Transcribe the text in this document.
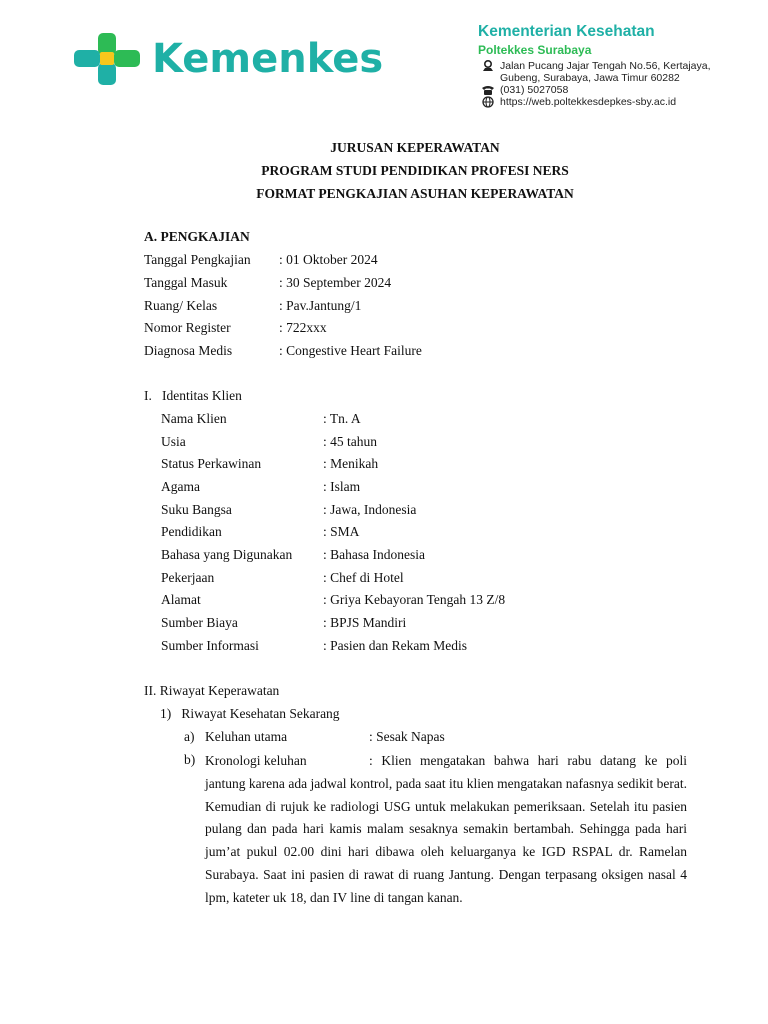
Kemenkes
Kementerian Kesehatan
Poltekkes Surabaya
Jalan Pucang Jajar Tengah No.56, Kertajaya,
Gubeng, Surabaya, Jawa Timur 60282
(031) 5027058
https://web.poltekkesdepkes-sby.ac.id
JURUSAN KEPERAWATAN
PROGRAM STUDI PENDIDIKAN PROFESI NERS
FORMAT PENGKAJIAN ASUHAN KEPERAWATAN
A. PENGKAJIAN
Tanggal Pengkajian : 01 Oktober 2024
Tanggal Masuk	: 30 September 2024
Ruang/ Kelas	: Pav.Jantung/1
Nomor Register	: 722xxx
Diagnosa Medis	: Congestive Heart Failure
I.   Identitas Klien
Nama Klien	: Tn. A
Usia	: 45 tahun
Status Perkawinan	: Menikah
Agama	: Islam
Suku Bangsa	: Jawa, Indonesia
Pendidikan	: SMA
Bahasa yang Digunakan : Bahasa Indonesia
Pekerjaan	: Chef di Hotel
Alamat	: Griya Kebayoran Tengah 13 Z/8
Sumber Biaya	: BPJS Mandiri
Sumber Informasi	: Pasien dan Rekam Medis
II. Riwayat Keperawatan
1)   Riwayat Kesehatan Sekarang
a) Keluhan utama	: Sesak Napas
b) Kronologi keluhan	: Klien mengatakan bahwa hari rabu datang ke poli jantung karena ada jadwal kontrol, pada saat itu klien mengatakan nafasnya sedikit berat. Kemudian di rujuk ke radiologi USG untuk melakukan pemeriksaan. Setelah itu pasien pulang dan pada hari kamis malam sesaknya semakin bertambah. Sehingga pada hari jum’at pukul 02.00 dini hari dibawa oleh keluarganya ke IGD RSPAL dr. Ramelan Surabaya. Saat ini pasien di rawat di ruang Jantung. Dengan terpasang oksigen nasal 4 lpm, kateter uk 18, dan IV line di tangan kanan.
